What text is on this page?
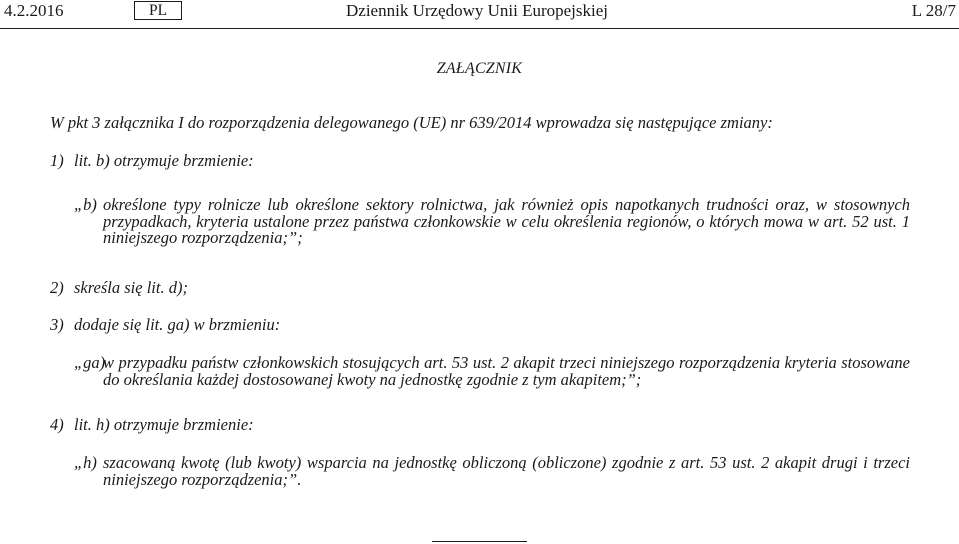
4.2.2016	PL	Dziennik Urzędowy Unii Europejskiej	L 28/7
ZAŁĄCZNIK
W pkt 3 załącznika I do rozporządzenia delegowanego (UE) nr 639/2014 wprowadza się następujące zmiany:
1) lit. b) otrzymuje brzmienie:
„b) określone typy rolnicze lub określone sektory rolnictwa, jak również opis napotkanych trudności oraz, w stosownych przypadkach, kryteria ustalone przez państwa członkowskie w celu określenia regionów, o których mowa w art. 52 ust. 1 niniejszego rozporządzenia;”;
2) skreśla się lit. d);
3) dodaje się lit. ga) w brzmieniu:
„ga)
w przypadku państw członkowskich stosujących art. 53 ust. 2 akapit trzeci niniejszego rozporządzenia kryteria stosowane do określania każdej dostosowanej kwoty na jednostkę zgodnie z tym akapitem;”;
4) lit. h) otrzymuje brzmienie:
„h) szacowaną kwotę (lub kwoty) wsparcia na jednostkę obliczoną (obliczone) zgodnie z art. 53 ust. 2 akapit drugi i trzeci niniejszego rozporządzenia;”.
